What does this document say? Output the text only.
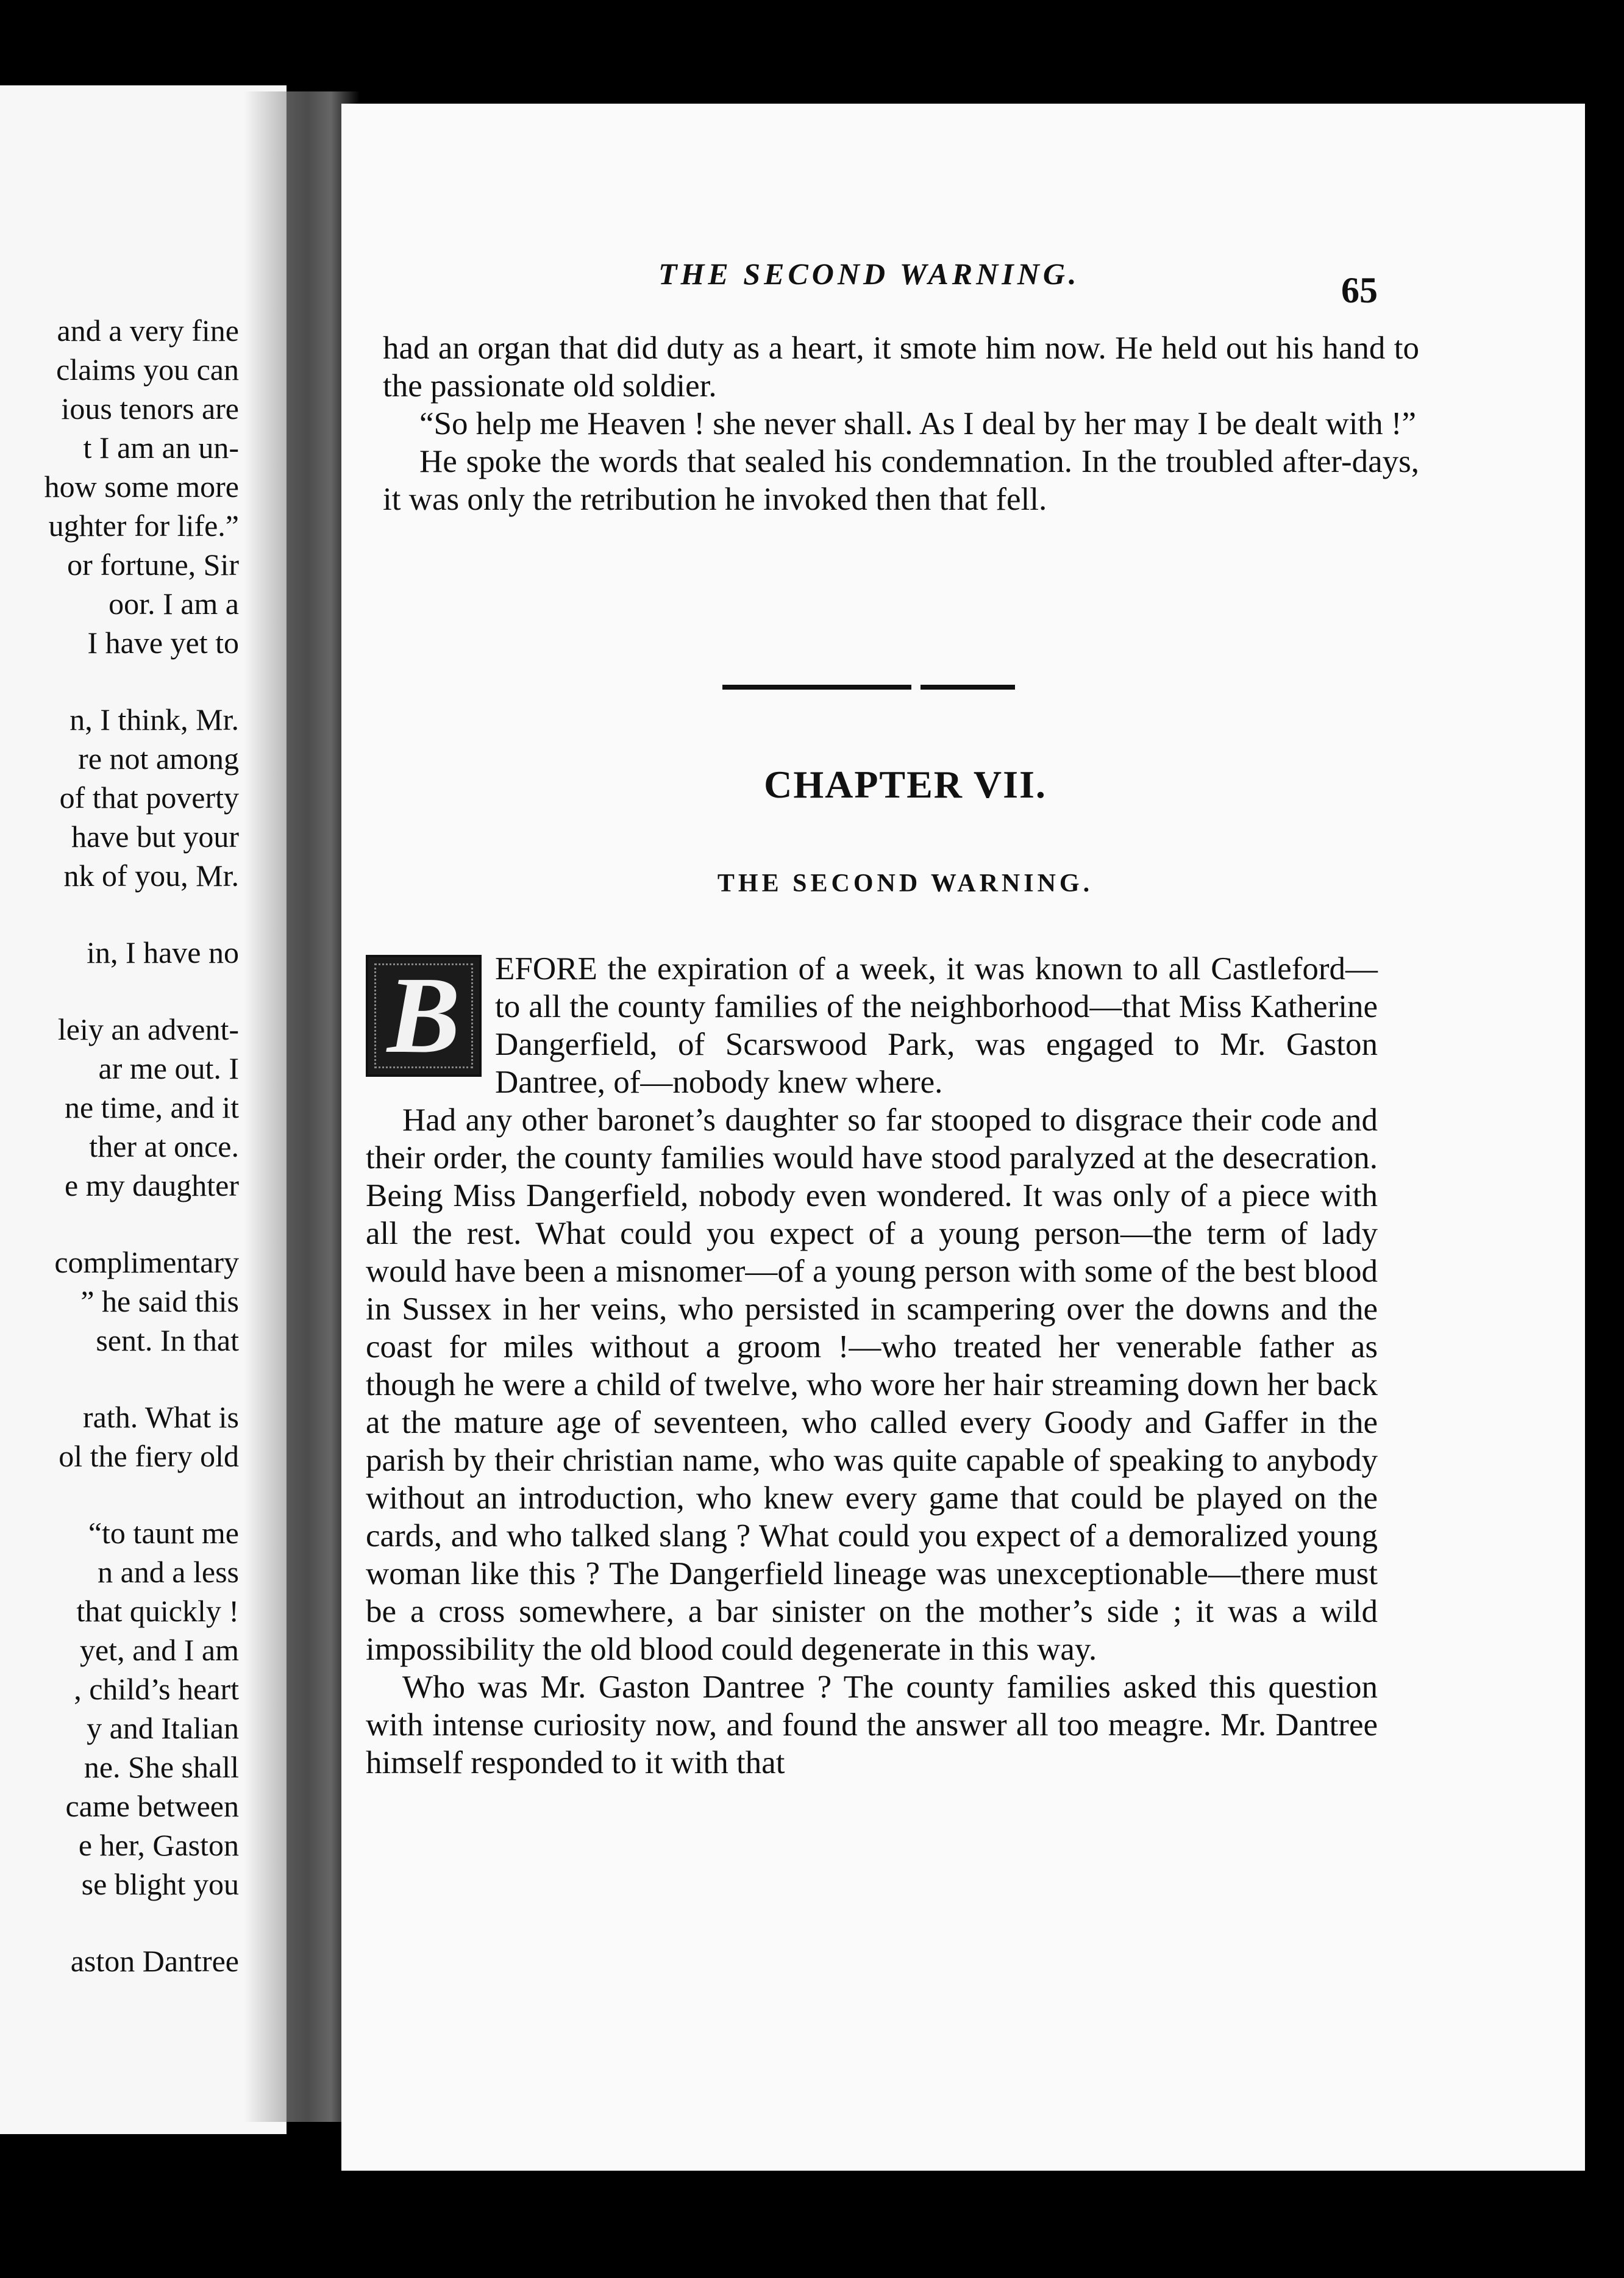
and a very fine
claims you can
ious tenors are
t I am an un-
how some more
ughter for life.”
or fortune, Sir
oor. I am a
I have yet to
n, I think, Mr.
re not among
of that poverty
have but your
nk of you, Mr.
in, I have no
leiy an advent-
ar me out. I
ne time, and it
ther at once.
e my daughter
complimentary
” he said this
sent. In that
rath. What is
ol the fiery old
“to taunt me
n and a less
that quickly !
yet, and I am
, child’s heart
y and Italian
ne. She shall
came between
e her, Gaston
se blight you
aston Dantree
THE SECOND WARNING.	65

had an organ that did duty as a heart, it smote him now. He held out his hand to the passionate old soldier.

“So help me Heaven ! she never shall. As I deal by her may I be dealt with !”

He spoke the words that sealed his condemnation. In the troubled after-days, it was only the retribution he invoked then that fell.

CHAPTER VII.
THE SECOND WARNING.

B	EFORE the expiration of a week, it was known to all Castleford—to all the county families of the neighborhood—that Miss Katherine Dangerfield, of Scarswood Park, was engaged to Mr. Gaston Dantree, of—nobody knew where.

Had any other baronet’s daughter so far stooped to disgrace their code and their order, the county families would have stood paralyzed at the desecration. Being Miss Dangerfield, nobody even wondered. It was only of a piece with all the rest. What could you expect of a young person—the term of lady would have been a misnomer—of a young person with some of the best blood in Sussex in her veins, who persisted in scampering over the downs and the coast for miles without a groom !—who treated her venerable father as though he were a child of twelve, who wore her hair streaming down her back at the mature age of seventeen, who called every Goody and Gaffer in the parish by their christian name, who was quite capable of speaking to anybody without an introduction, who knew every game that could be played on the cards, and who talked slang ? What could you expect of a demoralized young woman like this ? The Dangerfield lineage was unexceptionable—there must be a cross somewhere, a bar sinister on the mother’s side ; it was a wild impossibility the old blood could degenerate in this way.

Who was Mr. Gaston Dantree ? The county families asked this question with intense curiosity now, and found the answer all too meagre. Mr. Dantree himself responded to it with that
